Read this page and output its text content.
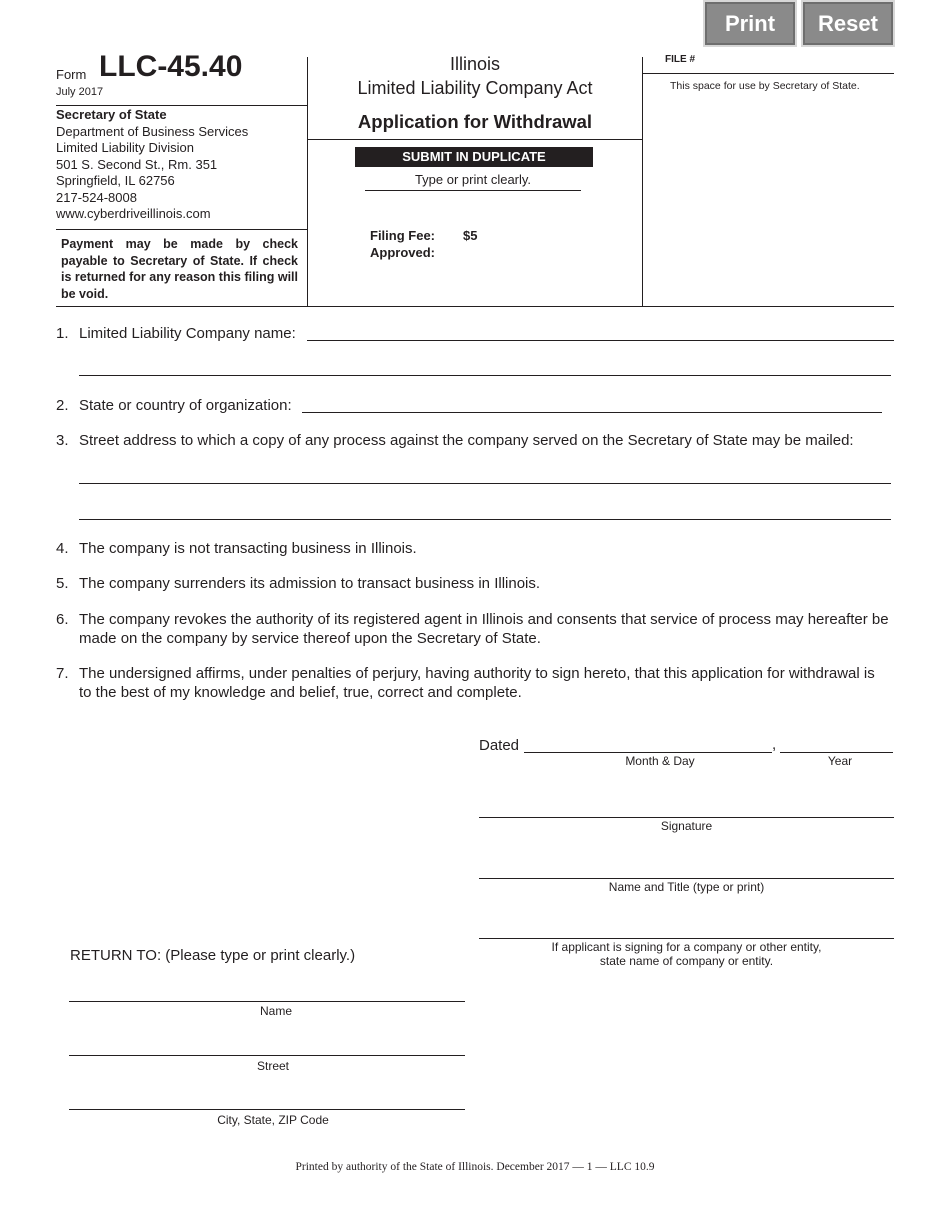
Print	Reset
Form LLC-45.40
July 2017
Secretary of State
Department of Business Services
Limited Liability Division
501 S. Second St., Rm. 351
Springfield, IL 62756
217-524-8008
www.cyberdriveillinois.com
Payment may be made by check payable to Secretary of State. If check is returned for any reason this filing will be void.
Illinois
Limited Liability Company Act
Application for Withdrawal
SUBMIT IN DUPLICATE
Type or print clearly.
Filing Fee: $5
Approved:
FILE #
This space for use by Secretary of State.
1. Limited Liability Company name:
2. State or country of organization:
3. Street address to which a copy of any process against the company served on the Secretary of State may be mailed:
4. The company is not transacting business in Illinois.
5. The company surrenders its admission to transact business in Illinois.
6. The company revokes the authority of its registered agent in Illinois and consents that service of process may hereafter be
made on the company by service thereof upon the Secretary of State.
7. The undersigned affirms, under penalties of perjury, having authority to sign hereto, that this application for withdrawal is
to the best of my knowledge and belief, true, correct and complete.
Dated	,
Month & Day	Year
Signature
Name and Title (type or print)
If applicant is signing for a company or other entity,
state name of company or entity.
RETURN TO: (Please type or print clearly.)
Name
Street
City, State, ZIP Code
Printed by authority of the State of Illinois. December 2017 — 1 — LLC 10.9
